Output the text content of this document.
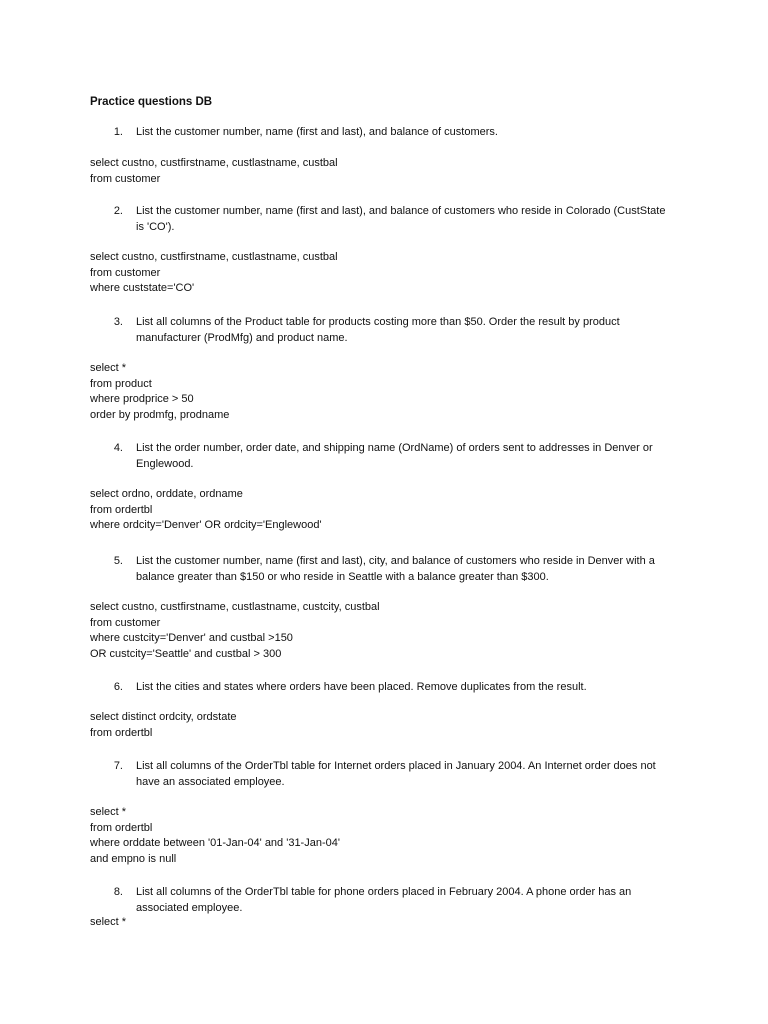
Practice questions DB
1. List the customer number, name (first and last), and balance of customers.
select custno, custfirstname, custlastname, custbal
from customer
2. List the customer number, name (first and last), and balance of customers who reside in Colorado (CustState is 'CO').
select custno, custfirstname, custlastname, custbal
from customer
where custstate='CO'
3. List all columns of the Product table for products costing more than $50. Order the result by product manufacturer (ProdMfg) and product name.
select *
from product
where prodprice > 50
order by prodmfg, prodname
4. List the order number, order date, and shipping name (OrdName) of orders sent to addresses in Denver or Englewood.
select ordno, orddate, ordname
from ordertbl
where ordcity='Denver' OR ordcity='Englewood'
5. List the customer number, name (first and last), city, and balance of customers who reside in Denver with a balance greater than $150 or who reside in Seattle with a balance greater than $300.
select custno, custfirstname, custlastname, custcity, custbal
from customer
where custcity='Denver' and custbal >150
OR custcity='Seattle' and custbal > 300
6. List the cities and states where orders have been placed. Remove duplicates from the result.
select distinct ordcity, ordstate
from ordertbl
7. List all columns of the OrderTbl table for Internet orders placed in January 2004. An Internet order does not have an associated employee.
select *
from ordertbl
where orddate between '01-Jan-04' and '31-Jan-04'
and empno is null
8. List all columns of the OrderTbl table for phone orders placed in February 2004. A phone order has an associated employee.
select *
